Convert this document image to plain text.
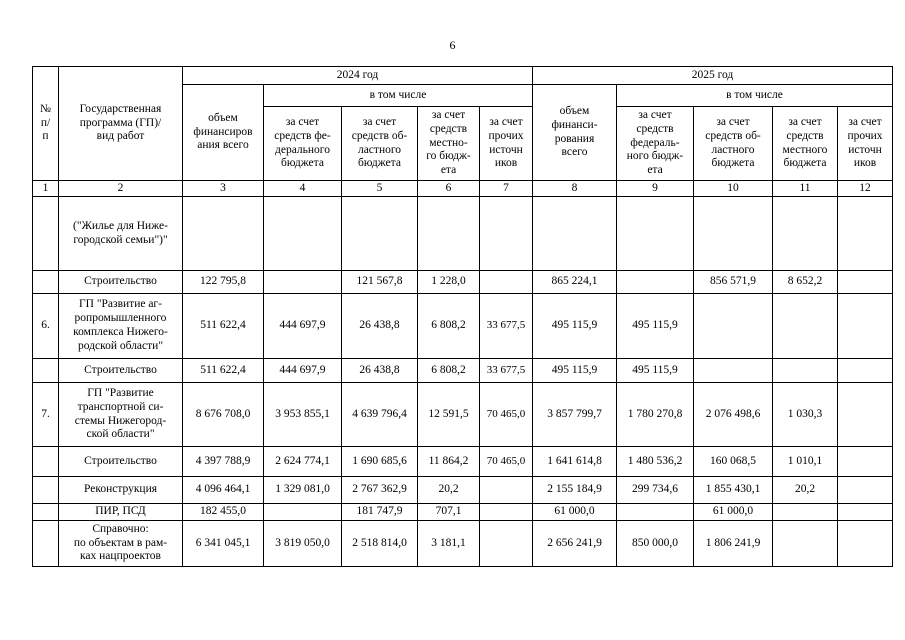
6
№
п/
п	Государственная
программа (ГП)/
вид работ	2024 год					2025 год				
		объем
финансиров
ания всего	в том числе				объем
финанси-
рования
всего	в том числе			
			за счет
средств фе-
дерального
бюджета	за счет
средств об-
ластного
бюджета	за счет
средств
местно-
го бюдж-
ета	за счет
прочих
источн
иков		за счет
средств
федераль-
ного бюдж-
ета	за счет
средств об-
ластного
бюджета	за счет
средств
местного
бюджета	за счет
прочих
источн
иков
1	2	3	4	5	6	7	8	9	10	11	12
	("Жилье для Ниже-
городской семьи")"										
	Строительство	122 795,8		121 567,8	1 228,0		865 224,1		856 571,9	8 652,2	
6.	ГП "Развитие аг-
ропромышленного
комплекса Нижего-
родской области"	511 622,4	444 697,9	26 438,8	6 808,2	33 677,5	495 115,9	495 115,9			
	Строительство	511 622,4	444 697,9	26 438,8	6 808,2	33 677,5	495 115,9	495 115,9			
7.	ГП "Развитие
транспортной си-
стемы Нижегород-
ской области"	8 676 708,0	3 953 855,1	4 639 796,4	12 591,5	70 465,0	3 857 799,7	1 780 270,8	2 076 498,6	1 030,3	
	Строительство	4 397 788,9	2 624 774,1	1 690 685,6	11 864,2	70 465,0	1 641 614,8	1 480 536,2	160 068,5	1 010,1	
	Реконструкция	4 096 464,1	1 329 081,0	2 767 362,9	20,2		2 155 184,9	299 734,6	1 855 430,1	20,2	
	ПИР, ПСД	182 455,0		181 747,9	707,1		61 000,0		61 000,0		
	Справочно:
по объектам в рам-
ках нацпроектов	6 341 045,1	3 819 050,0	2 518 814,0	3 181,1		2 656 241,9	850 000,0	1 806 241,9		
